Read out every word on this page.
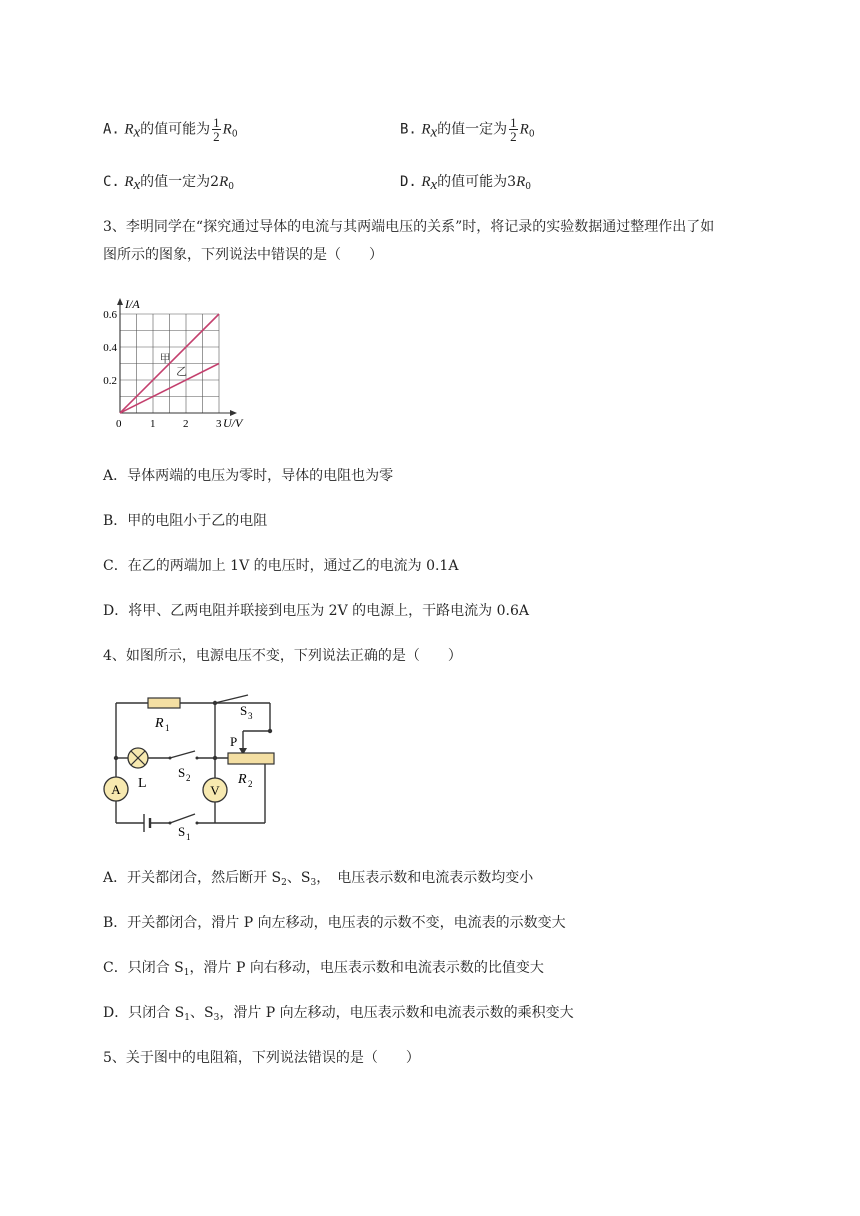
A. $R_x$的值可能为 $\frac{1}{2} R_0$	B. $R_x$的值一定为 $\frac{1}{2} R_0$
C. $R_x$的值一定为$2R_0$	D. $R_x$的值可能为$3R_0$
3、李明同学在“探究通过导体的电流与其两端电压的关系”时，将记录的实验数据通过整理作出了如
图所示的图象，下列说法中错误的是（　　）
甲
乙
0	1	2	3
0.2
0.4
0.6
U/V
I/A
A．导体两端的电压为零时，导体的电阻也为零
B．甲的电阻小于乙的电阻
C．在乙的两端加上 1V 的电压时，通过乙的电流为 0.1A
D．将甲、乙两电阻并联接到电压为 2V 的电源上，干路电流为 0.6A
4、如图所示，电源电压不变，下列说法正确的是（　　）
A	V
R 1
S 3
P
S 2
L	R 2
S 1
A．开关都闭合，然后断开 $S_2$、$S_3$，　电压表示数和电流表示数均变小
B．开关都闭合，滑片 P 向左移动，电压表的示数不变，电流表的示数变大
C．只闭合 $S_1$，滑片 P 向右移动，电压表示数和电流表示数的比值变大
D．只闭合 $S_1$、$S_3$，滑片 P 向左移动，电压表示数和电流表示数的乘积变大
5、关于图中的电阻箱，下列说法错误的是（　　）
